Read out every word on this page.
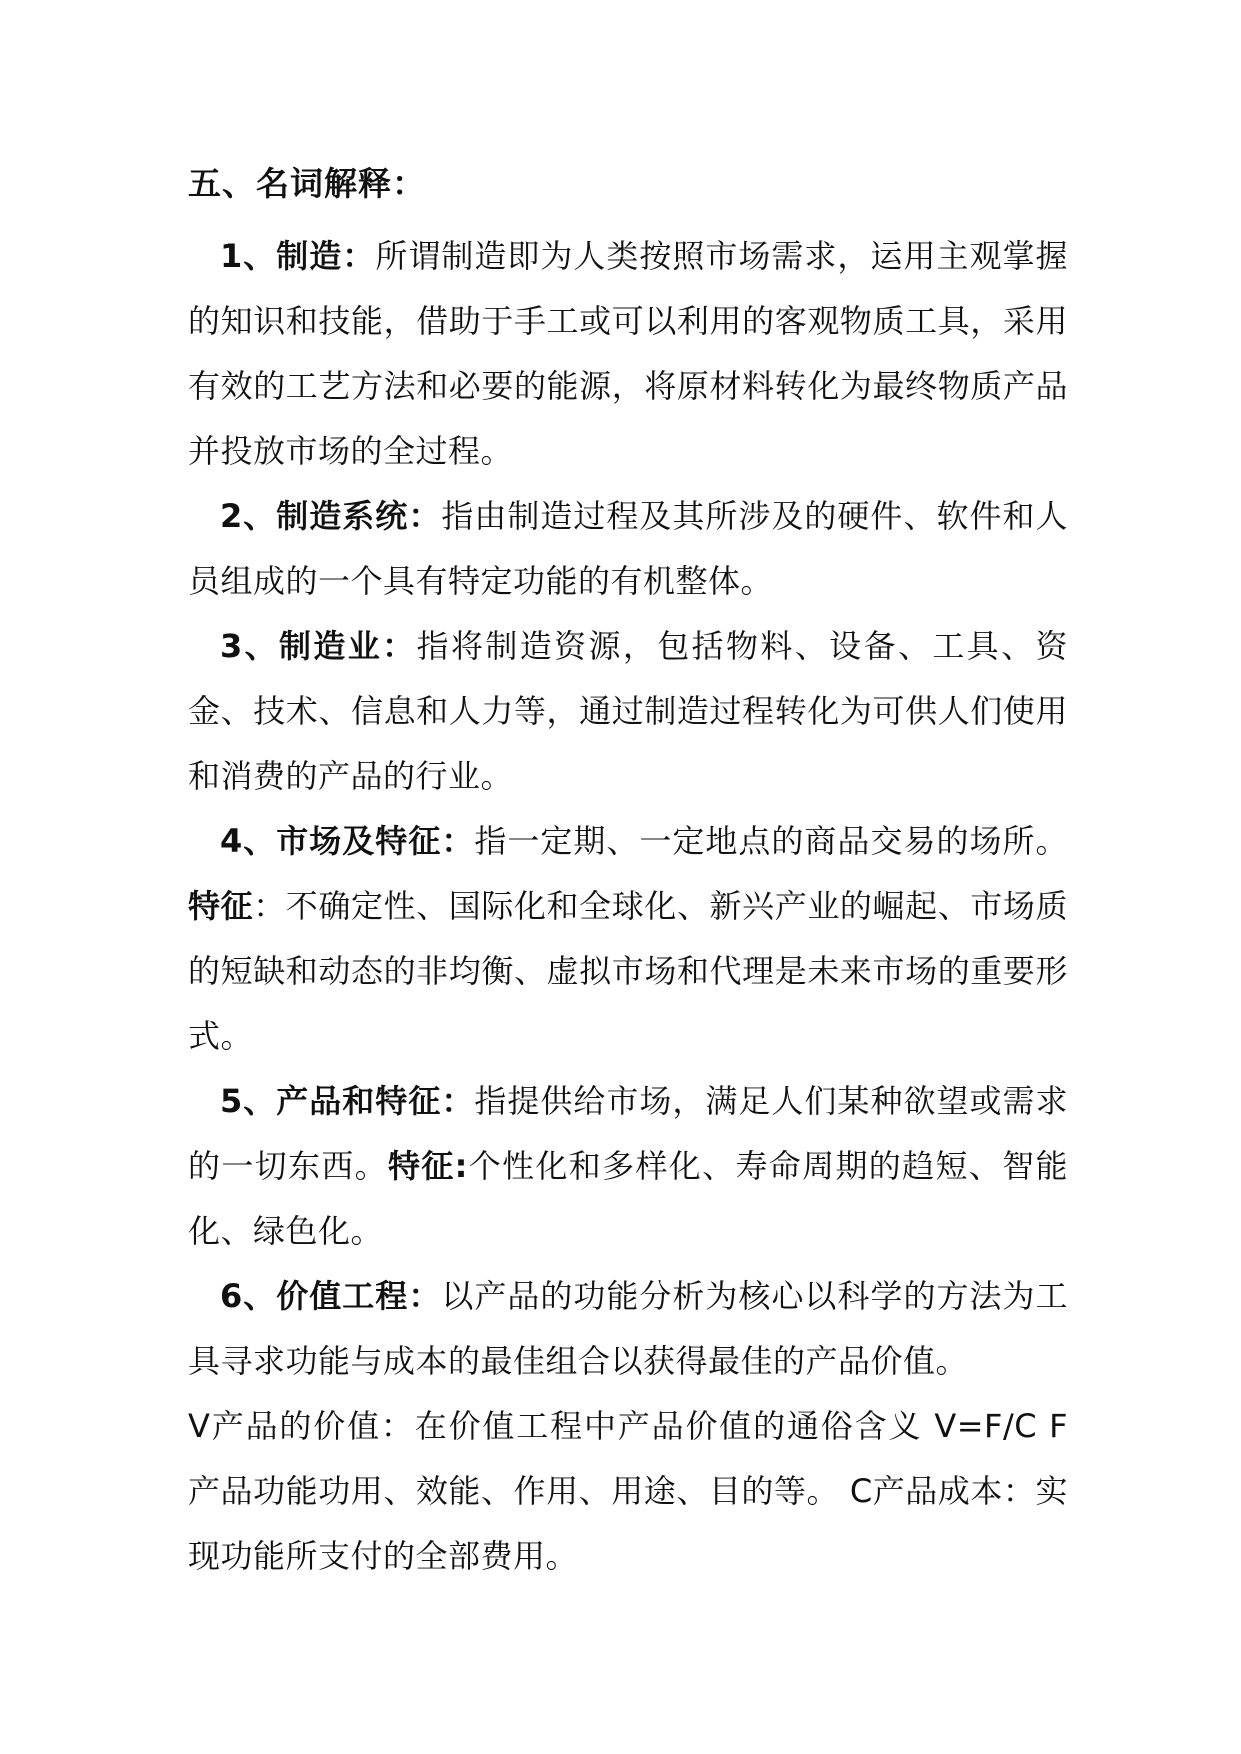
五、名词解释：

1、制造：所谓制造即为人类按照市场需求，运用主观掌握的知识和技能，借助于手工或可以利用的客观物质工具，采用有效的工艺方法和必要的能源，将原材料转化为最终物质产品并投放市场的全过程。

2、制造系统：指由制造过程及其所涉及的硬件、软件和人员组成的一个具有特定功能的有机整体。

3、制造业：指将制造资源，包括物料、设备、工具、资金、技术、信息和人力等，通过制造过程转化为可供人们使用和消费的产品的行业。

4、市场及特征：指一定期、一定地点的商品交易的场所。特征：不确定性、国际化和全球化、新兴产业的崛起、市场质的短缺和动态的非均衡、虚拟市场和代理是未来市场的重要形式。

5、产品和特征：指提供给市场，满足人们某种欲望或需求的一切东西。特征:个性化和多样化、寿命周期的趋短、智能化、绿色化。

6、价值工程：以产品的功能分析为核心以科学的方法为工具寻求功能与成本的最佳组合以获得最佳的产品价值。

V产品的价值：在价值工程中产品价值的通俗含义 V=F/C F产品功能功用、效能、作用、用途、目的等。 C产品成本：实现功能所支付的全部费用。
